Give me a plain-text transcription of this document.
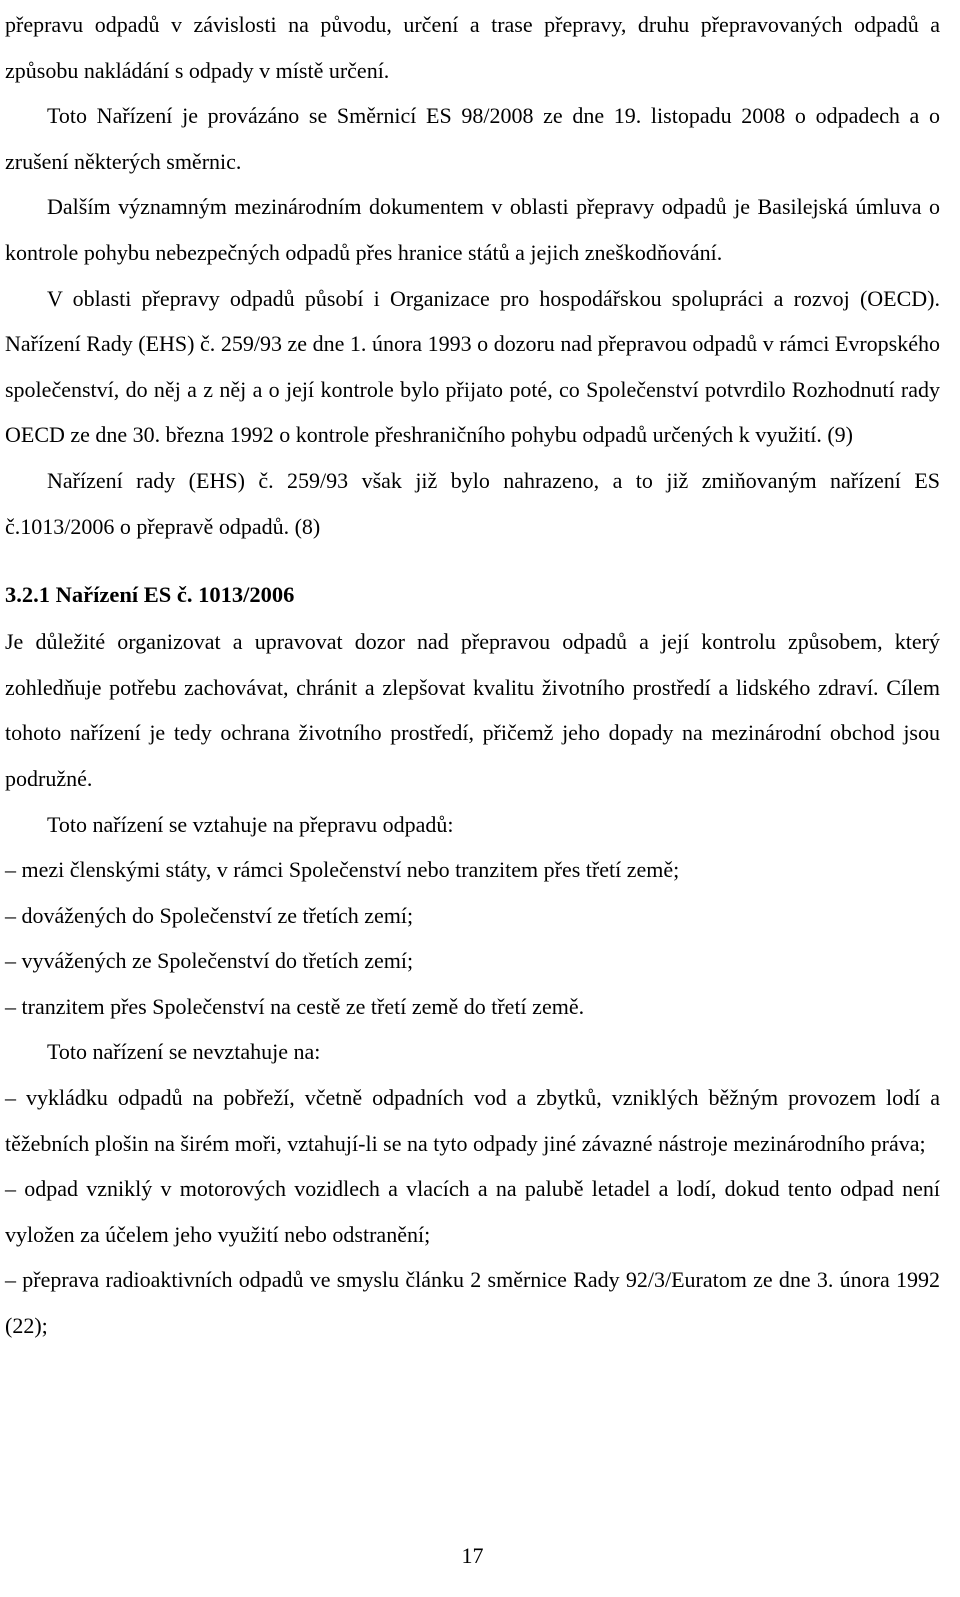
přepravu odpadů v závislosti na původu, určení a trase přepravy, druhu přepravovaných odpadů a způsobu nakládání s odpady v místě určení.

Toto Nařízení je provázáno se Směrnicí ES 98/2008 ze dne 19. listopadu 2008 o odpadech a o zrušení některých směrnic.

Dalším významným mezinárodním dokumentem v oblasti přepravy odpadů je Basilejská úmluva o kontrole pohybu nebezpečných odpadů přes hranice států a jejich zneškodňování.

V oblasti přepravy odpadů působí i Organizace pro hospodářskou spolupráci a rozvoj (OECD). Nařízení Rady (EHS) č. 259/93 ze dne 1. února 1993 o dozoru nad přepravou odpadů v rámci Evropského společenství, do něj a z něj a o její kontrole bylo přijato poté, co Společenství potvrdilo Rozhodnutí rady OECD ze dne 30. března 1992 o kontrole přeshraničního pohybu odpadů určených k využití. (9)

Nařízení rady (EHS) č. 259/93 však již bylo nahrazeno, a to již zmiňovaným nařízení ES č.1013/2006 o přepravě odpadů. (8)

3.2.1 Nařízení ES č. 1013/2006

Je důležité organizovat a upravovat dozor nad přepravou odpadů a její kontrolu způsobem, který zohledňuje potřebu zachovávat, chránit a zlepšovat kvalitu životního prostředí a lidského zdraví. Cílem tohoto nařízení je tedy ochrana životního prostředí, přičemž jeho dopady na mezinárodní obchod jsou podružné.

Toto nařízení se vztahuje na přepravu odpadů:

– mezi členskými státy, v rámci Společenství nebo tranzitem přes třetí země;

– dovážených do Společenství ze třetích zemí;

– vyvážených ze Společenství do třetích zemí;

– tranzitem přes Společenství na cestě ze třetí země do třetí země.

Toto nařízení se nevztahuje na:

– vykládku odpadů na pobřeží, včetně odpadních vod a zbytků, vzniklých běžným provozem lodí a těžebních plošin na širém moři, vztahují-li se na tyto odpady jiné závazné nástroje mezinárodního práva;

– odpad vzniklý v motorových vozidlech a vlacích a na palubě letadel a lodí, dokud tento odpad není vyložen za účelem jeho využití nebo odstranění;

– přeprava radioaktivních odpadů ve smyslu článku 2 směrnice Rady 92/3/Euratom ze dne 3. února 1992 (22);

17
